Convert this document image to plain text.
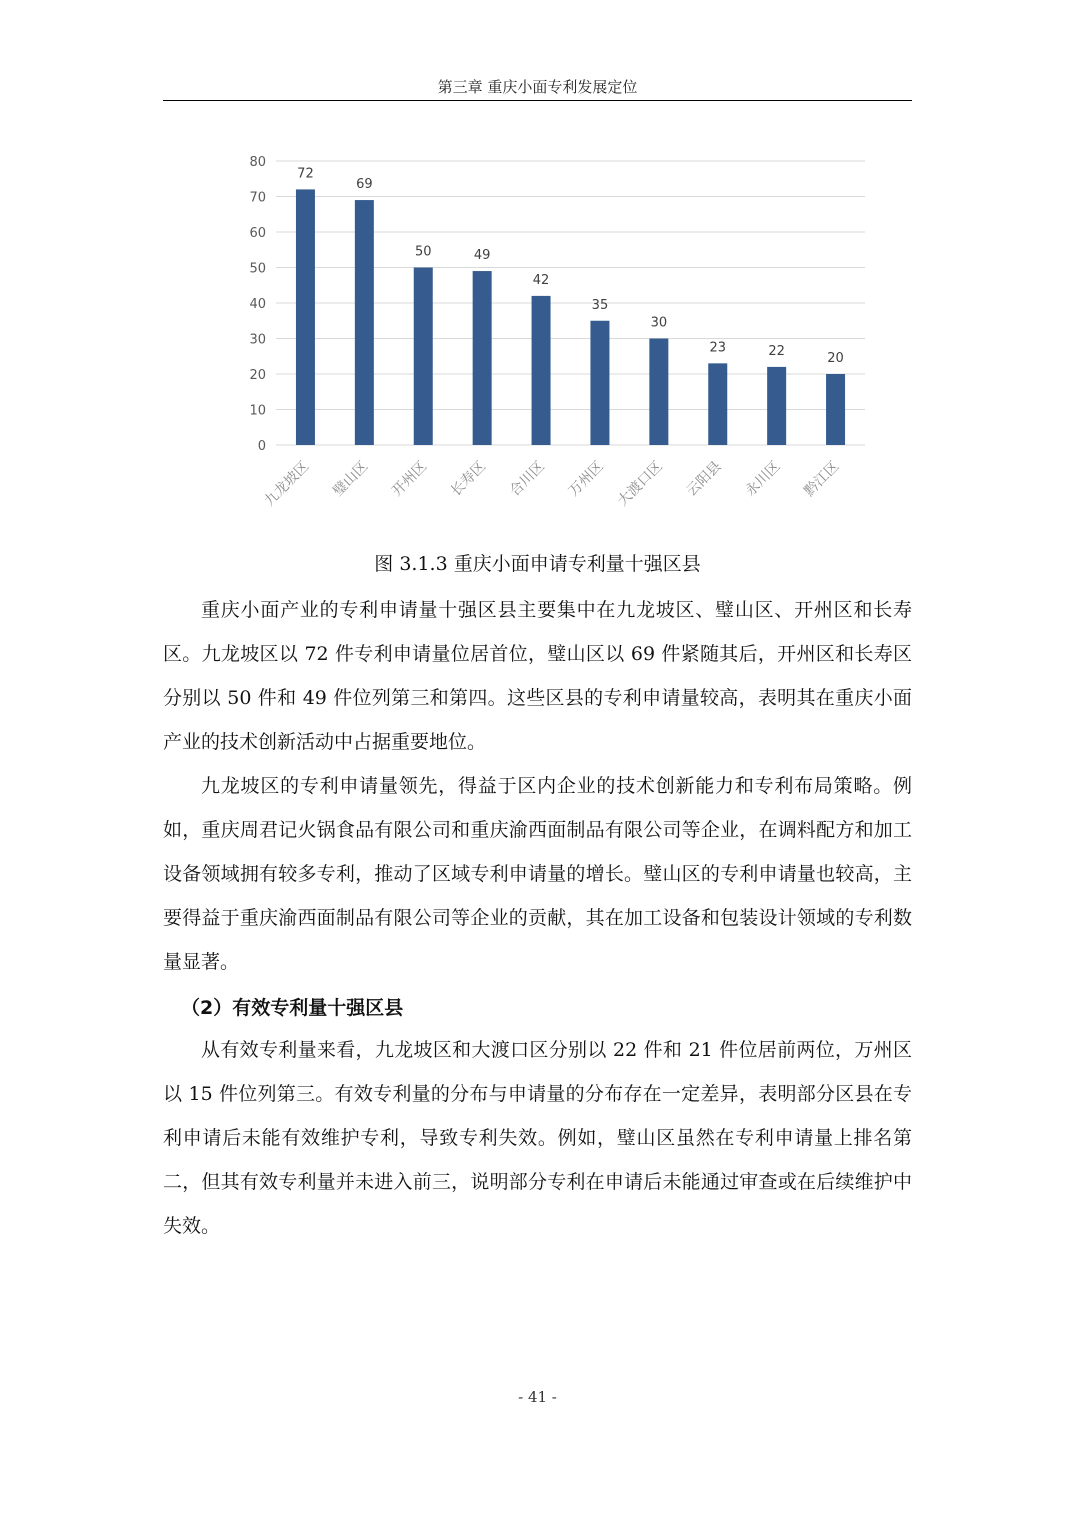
第三章 重庆小面专利发展定位
0
10
20
30
40
50
60
70
80
72
九龙坡区
69
璧山区
50
开州区
49
长寿区
42
合川区
35
万州区
30
大渡口区
23
云阳县
22
永川区
20
黔江区
图 3.1.3 重庆小面申请专利量十强区县

重庆小面产业的专利申请量十强区县主要集中在九龙坡区、璧山区、开州区和长寿区。九龙坡区以 72 件专利申请量位居首位，璧山区以 69 件紧随其后，开州区和长寿区分别以 50 件和 49 件位列第三和第四。这些区县的专利申请量较高，表明其在重庆小面产业的技术创新活动中占据重要地位。

九龙坡区的专利申请量领先，得益于区内企业的技术创新能力和专利布局策略。例如，重庆周君记火锅食品有限公司和重庆渝西面制品有限公司等企业，在调料配方和加工设备领域拥有较多专利，推动了区域专利申请量的增长。璧山区的专利申请量也较高，主要得益于重庆渝西面制品有限公司等企业的贡献，其在加工设备和包装设计领域的专利数量显著。

（2）有效专利量十强区县

从有效专利量来看，九龙坡区和大渡口区分别以 22 件和 21 件位居前两位，万州区以 15 件位列第三。有效专利量的分布与申请量的分布存在一定差异，表明部分区县在专利申请后未能有效维护专利，导致专利失效。例如，璧山区虽然在专利申请量上排名第二，但其有效专利量并未进入前三，说明部分专利在申请后未能通过审查或在后续维护中失效。

- 41 -
